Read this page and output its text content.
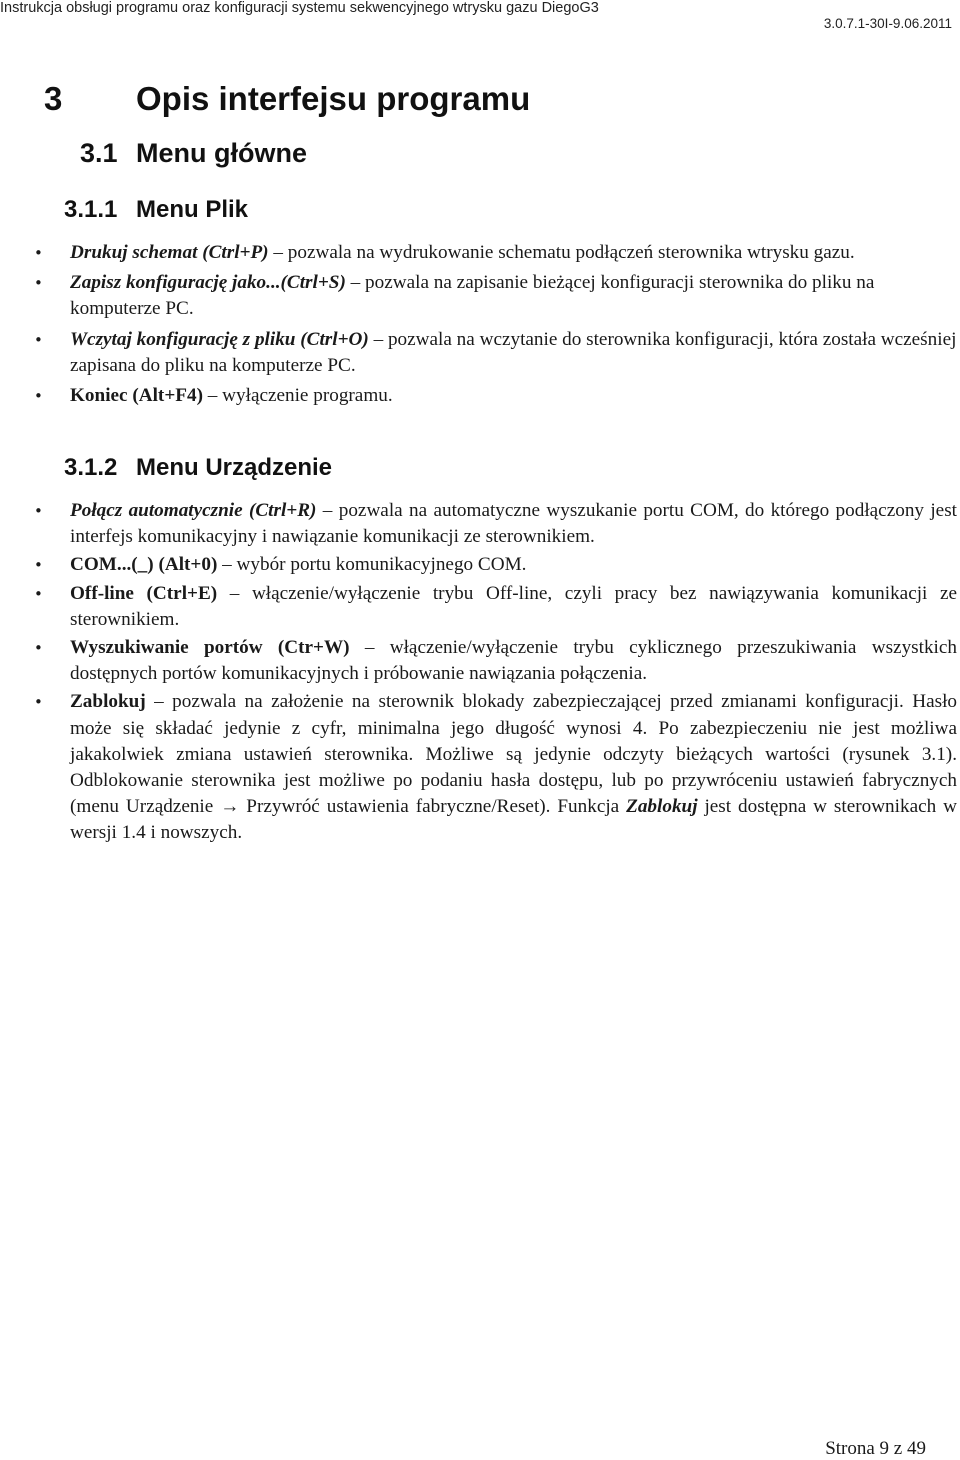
Instrukcja obsługi programu oraz konfiguracji systemu sekwencyjnego wtrysku gazu DiegoG3
3.0.7.1-30I-9.06.2011
3 Opis interfejsu programu
3.1 Menu główne
3.1.1 Menu Plik
• Drukuj schemat (Ctrl+P) – pozwala na wydrukowanie schematu podłączeń sterownika wtrysku gazu.
• Zapisz konfigurację jako...(Ctrl+S) – pozwala na zapisanie bieżącej konfiguracji sterownika do pliku na komputerze PC.
• Wczytaj konfigurację z pliku (Ctrl+O) – pozwala na wczytanie do sterownika konfiguracji, która została wcześniej zapisana do pliku na komputerze PC.
• Koniec (Alt+F4) – wyłączenie programu.
3.1.2 Menu Urządzenie
• Połącz automatycznie (Ctrl+R) – pozwala na automatyczne wyszukanie portu COM, do którego podłączony jest interfejs komunikacyjny i nawiązanie komunikacji ze sterownikiem.
• COM...(_) (Alt+0) – wybór portu komunikacyjnego COM.
• Off-line (Ctrl+E) – włączenie/wyłączenie trybu Off-line, czyli pracy bez nawiązywania komunikacji ze sterownikiem.
• Wyszukiwanie portów (Ctr+W) – włączenie/wyłączenie trybu cyklicznego przeszukiwania wszystkich dostępnych portów komunikacyjnych i próbowanie nawiązania połączenia.
• Zablokuj – pozwala na założenie na sterownik blokady zabezpieczającej przed zmianami konfiguracji. Hasło może się składać jedynie z cyfr, minimalna jego długość wynosi 4. Po zabezpieczeniu nie jest możliwa jakakolwiek zmiana ustawień sterownika. Możliwe są jedynie odczyty bieżących wartości (rysunek 3.1). Odblokowanie sterownika jest możliwe po podaniu hasła dostępu, lub po przywróceniu ustawień fabrycznych (menu Urządzenie → Przywróć ustawienia fabryczne/Reset). Funkcja Zablokuj jest dostępna w sterownikach w wersji 1.4 i nowszych.
Strona 9 z 49
